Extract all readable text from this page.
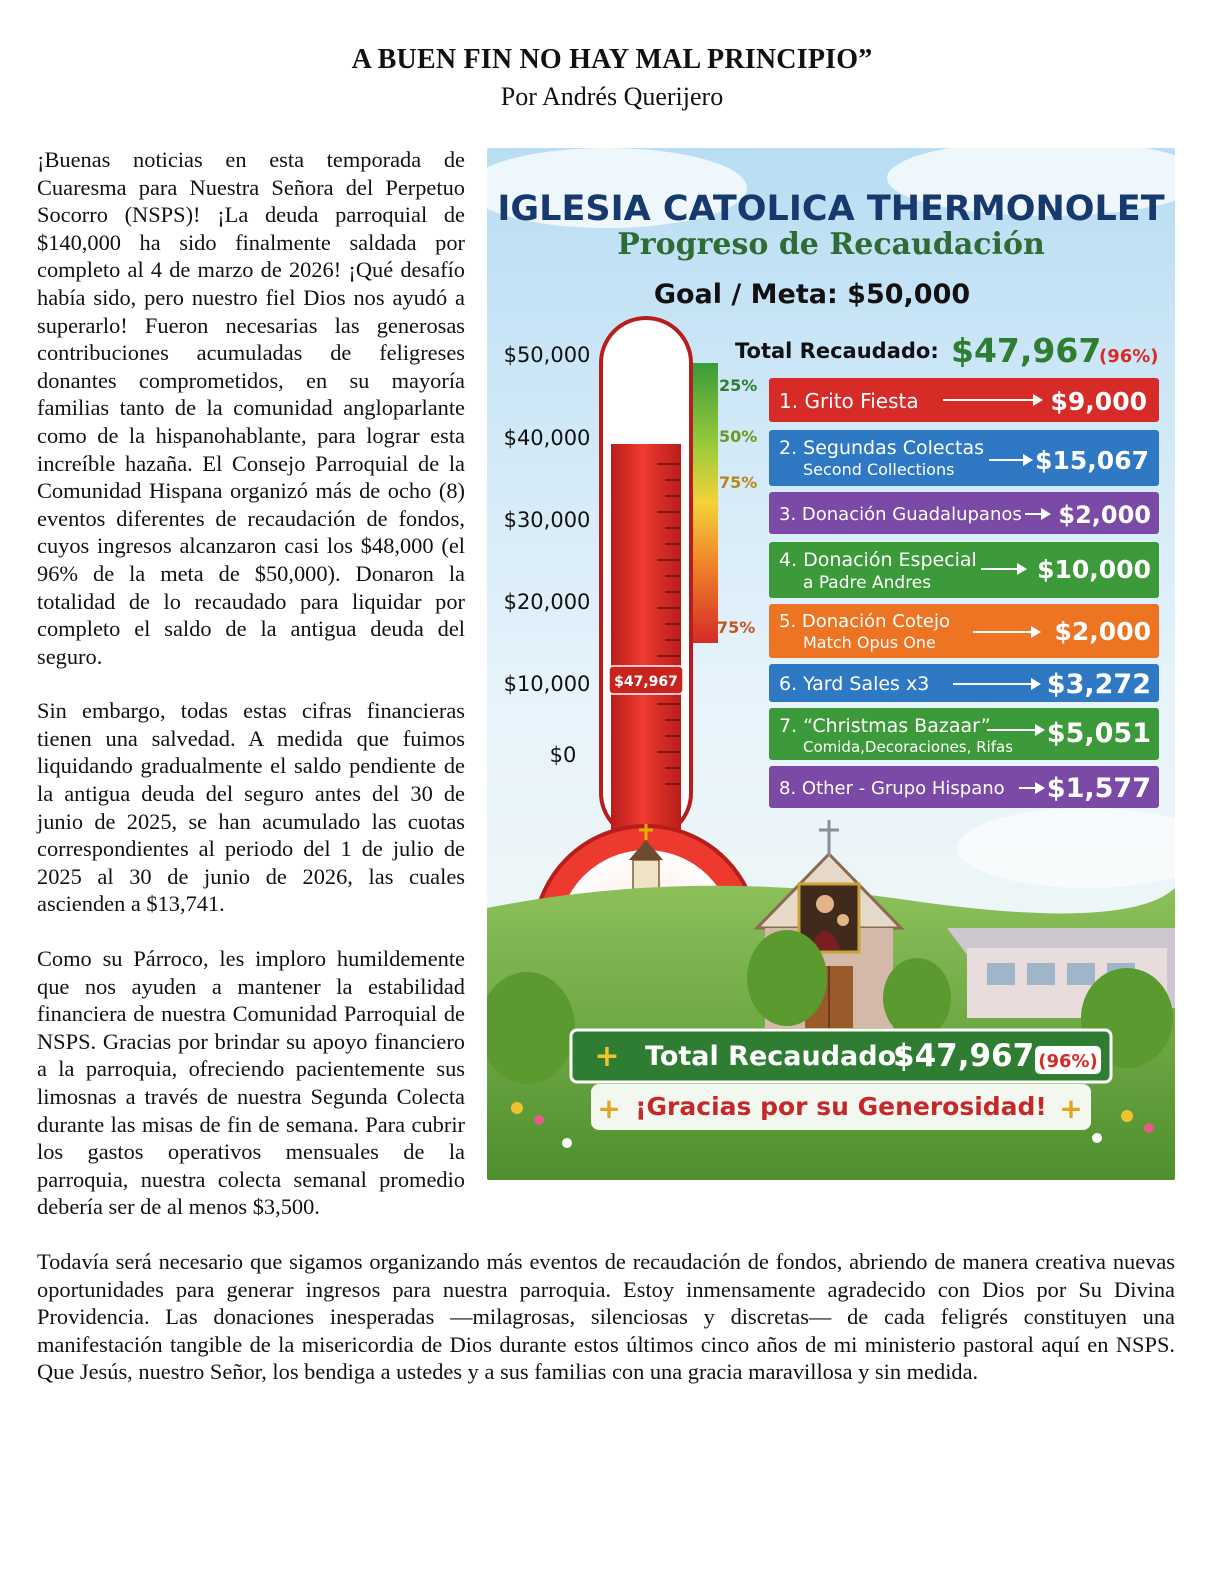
A BUEN FIN NO HAY MAL PRINCIPIO”
Por Andrés Querijero
IGLESIA CATOLICA THERMONOLET
Progreso de Recaudación
Goal / Meta: $50,000
Total Recaudado: $47,967
(96%)
$50,000
$40,000
$30,000
$20,000
$10,000
$0
25%
50%
75%
75%
$47,967
1. Grito Fiesta	$9,000
2. Segundas Colectas
Second Collections	$15,067
3. Donación Guadalupanos $2,000
4. Donación Especial
a Padre Andres	$10,000
5. Donación Cotejo
Match Opus One	$2,000
6. Yard Sales x3	$3,272
7. “Christmas Bazaar”
Comida,Decoraciones, Rifas $5,051
8. Other - Grupo Hispano $1,577
+ Total Recaudado:
$47,967 (96%)
+ ¡Gracias por su Generosidad! +

¡Buenas noticias en esta temporada de Cuaresma para Nuestra Señora del Perpetuo Socorro (NSPS)! ¡La deuda parroquial de $140,000 ha sido finalmente saldada por completo al 4 de marzo de 2026! ¡Qué desafío había sido, pero nuestro fiel Dios nos ayudó a superarlo! Fueron necesarias las generosas contribuciones acumuladas de feligreses donantes comprometidos, en su mayoría familias tanto de la comunidad angloparlante como de la hispanohablante, para lograr esta increíble hazaña. El Consejo Parroquial de la Comunidad Hispana organizó más de ocho (8) eventos diferentes de recaudación de fondos, cuyos ingresos alcanzaron casi los $48,000 (el 96% de la meta de $50,000). Donaron la totalidad de lo recaudado para liquidar por completo el saldo de la antigua deuda del seguro.

Sin embargo, todas estas cifras financieras tienen una salvedad. A medida que fuimos liquidando gradualmente el saldo pendiente de la antigua deuda del seguro antes del 30 de junio de 2025, se han acumulado las cuotas correspondientes al periodo del 1 de julio de 2025 al 30 de junio de 2026, las cuales ascienden a $13,741.

Como su Párroco, les imploro humildemente que nos ayuden a mantener la estabilidad financiera de nuestra Comunidad Parroquial de NSPS. Gracias por brindar su apoyo financiero a la parroquia, ofreciendo pacientemente sus limosnas a través de nuestra Segunda Colecta durante las misas de fin de semana. Para cubrir los gastos operativos mensuales de la parroquia, nuestra colecta semanal promedio debería ser de al menos $3,500.

Todavía será necesario que sigamos organizando más eventos de recaudación de fondos, abriendo de manera creativa nuevas oportunidades para generar ingresos para nuestra parroquia. Estoy inmensamente agradecido con Dios por Su Divina Providencia. Las donaciones inesperadas —milagrosas, silenciosas y discretas— de cada feligrés constituyen una manifestación tangible de la misericordia de Dios durante estos últimos cinco años de mi ministerio pastoral aquí en NSPS. Que Jesús, nuestro Señor, los bendiga a ustedes y a sus familias con una gracia maravillosa y sin medida.
